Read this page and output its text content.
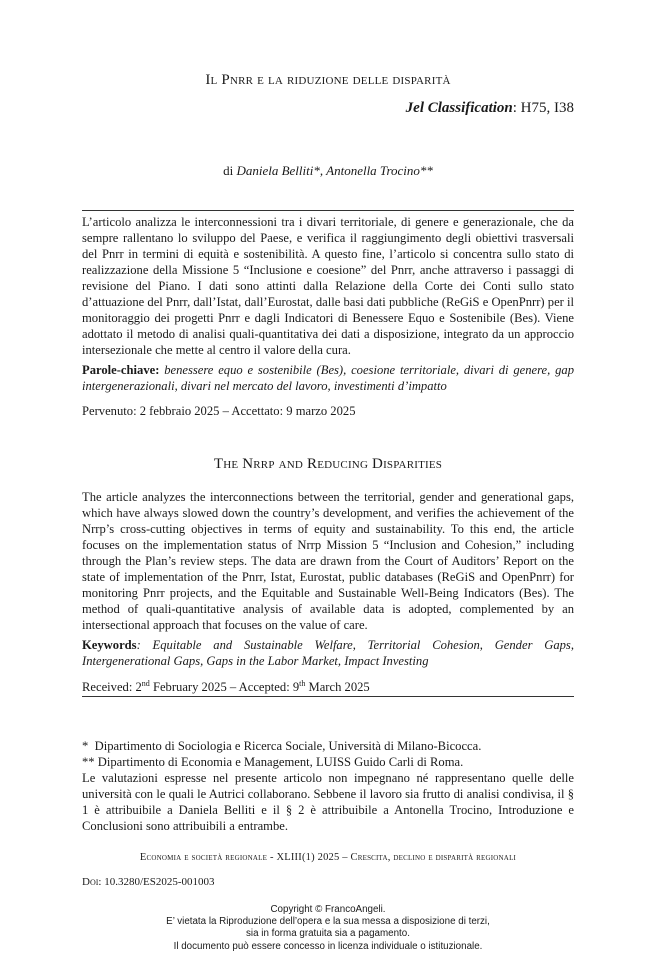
Il Pnrr e la riduzione delle disparità
Jel Classification: H75, I38
di Daniela Belliti*, Antonella Trocino**

L’articolo analizza le interconnessioni tra i divari territoriale, di genere e generazionale, che da sempre rallentano lo sviluppo del Paese, e verifica il raggiungimento degli obiettivi trasversali del Pnrr in termini di equità e sostenibilità. A questo fine, l’articolo si concentra sullo stato di realizzazione della Missione 5 “Inclusione e coesione” del Pnrr, anche attraverso i passaggi di revisione del Piano. I dati sono attinti dalla Relazione della Corte dei Conti sullo stato d’attuazione del Pnrr, dall’Istat, dall’Eurostat, dalle basi dati pubbliche (ReGiS e OpenPnrr) per il monitoraggio dei progetti Pnrr e dagli Indicatori di Benessere Equo e Sostenibile (Bes). Viene adottato il metodo di analisi quali-quantitativa dei dati a disposizione, integrato da un approccio intersezionale che mette al centro il valore della cura.

Parole-chiave: benessere equo e sostenibile (Bes), coesione territoriale, divari di genere, gap intergenerazionali, divari nel mercato del lavoro, investimenti d’impatto

Pervenuto: 2 febbraio 2025 – Accettato: 9 marzo 2025

The Nrrp and Reducing Disparities

The article analyzes the interconnections between the territorial, gender and generational gaps, which have always slowed down the country’s development, and verifies the achievement of the Nrrp’s cross-cutting objectives in terms of equity and sustainability. To this end, the article focuses on the implementation status of Nrrp Mission 5 “Inclusion and Cohesion,” including through the Plan’s review steps. The data are drawn from the Court of Auditors’ Report on the state of implementation of the Pnrr, Istat, Eurostat, public databases (ReGiS and OpenPnrr) for monitoring Pnrr projects, and the Equitable and Sustainable Well-Being Indicators (Bes). The method of quali-quantitative analysis of available data is adopted, complemented by an intersectional approach that focuses on the value of care.

Keywords: Equitable and Sustainable Welfare, Territorial Cohesion, Gender Gaps, Intergenerational Gaps, Gaps in the Labor Market, Impact Investing

Received: 2nd February 2025 – Accepted: 9th March 2025

*  Dipartimento di Sociologia e Ricerca Sociale, Università di Milano-Bicocca.

** Dipartimento di Economia e Management, LUISS Guido Carli di Roma.

Le valutazioni espresse nel presente articolo non impegnano né rappresentano quelle delle università con le quali le Autrici collaborano. Sebbene il lavoro sia frutto di analisi condivisa, il § 1 è attribuibile a Daniela Belliti e il § 2 è attribuibile a Antonella Trocino, Introduzione e Conclusioni sono attribuibili a entrambe.

Economia e società regionale - XLIII(1) 2025 – Crescita, declino e disparità regionali
Doi: 10.3280/ES2025-001003
Copyright © FrancoAngeli.
E’ vietata la Riproduzione dell’opera e la sua messa a disposizione di terzi,
sia in forma gratuita sia a pagamento.
Il documento può essere concesso in licenza individuale o istituzionale.
